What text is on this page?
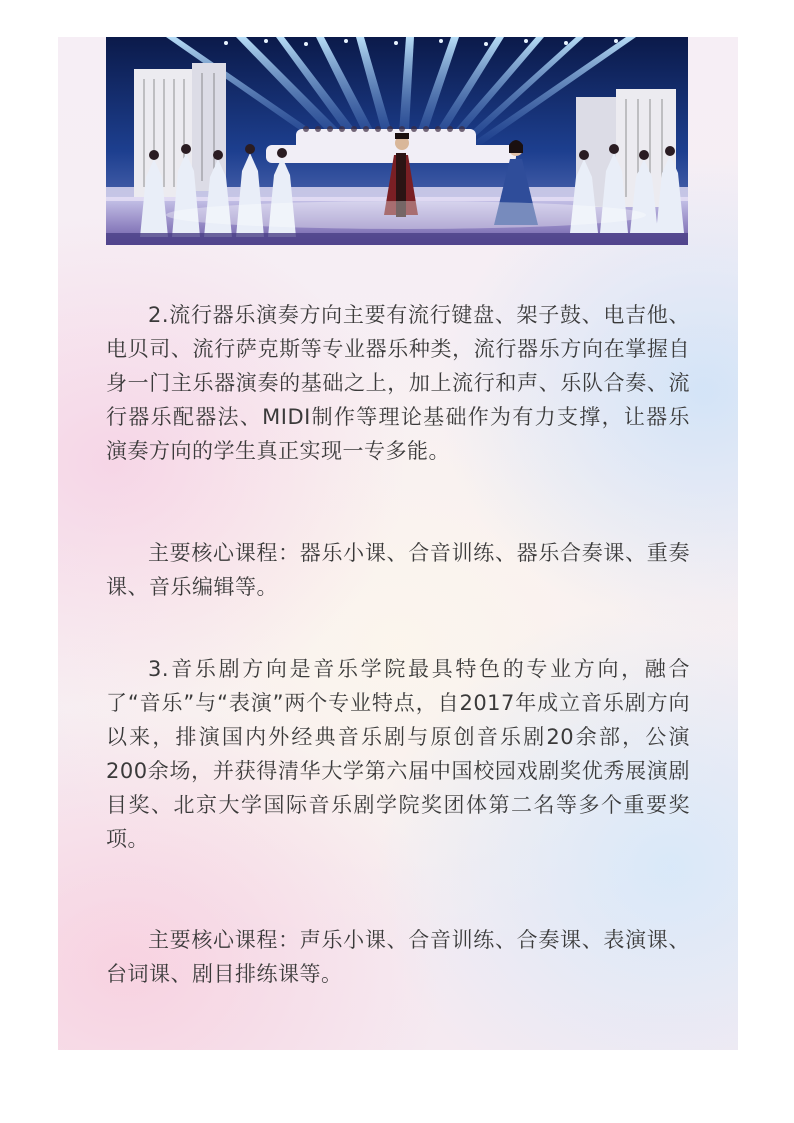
2.流行器乐演奏方向主要有流行键盘、架子鼓、电吉他、电贝司、流行萨克斯等专业器乐种类，流行器乐方向在掌握自身一门主乐器演奏的基础之上，加上流行和声、乐队合奏、流行器乐配器法、MIDI制作等理论基础作为有力支撑，让器乐演奏方向的学生真正实现一专多能。

主要核心课程：器乐小课、合音训练、器乐合奏课、重奏课、音乐编辑等。

3.音乐剧方向是音乐学院最具特色的专业方向，融合了“音乐”与“表演”两个专业特点，自2017年成立音乐剧方向以来，排演国内外经典音乐剧与原创音乐剧20余部，公演200余场，并获得清华大学第六届中国校园戏剧奖优秀展演剧目奖、北京大学国际音乐剧学院奖团体第二名等多个重要奖项。

主要核心课程：声乐小课、合音训练、合奏课、表演课、台词课、剧目排练课等。
